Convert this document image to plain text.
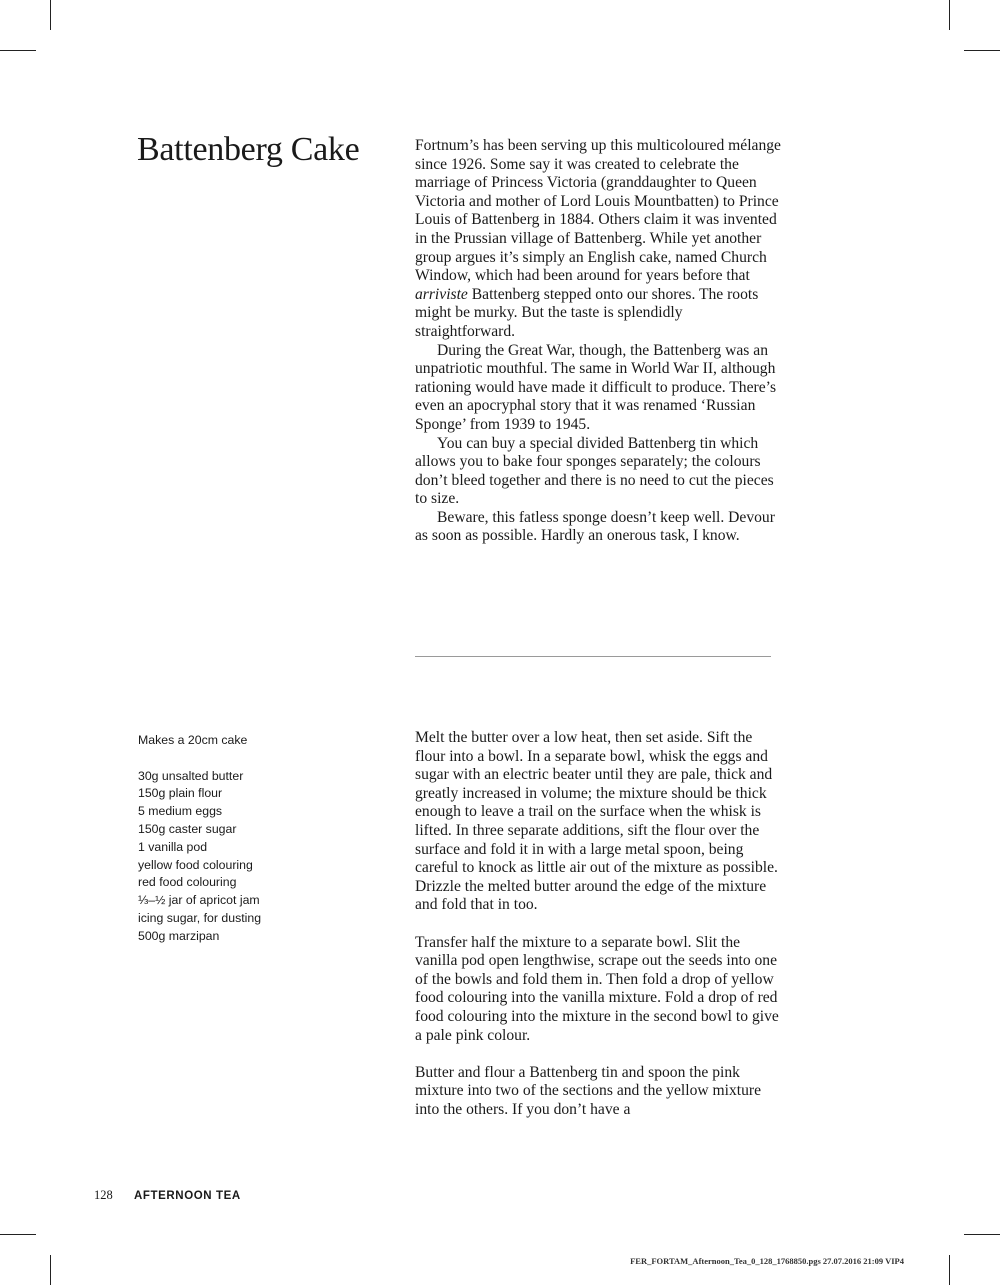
Battenberg Cake	Fortnum’s has been serving up this multicoloured mélange since 1926. Some say it was created to celebrate the marriage of Princess Victoria (granddaughter to Queen Victoria and mother of Lord Louis Mountbatten) to Prince Louis of Battenberg in 1884. Others claim it was invented in the Prussian village of Battenberg. While yet another group argues it’s simply an English cake, named Church Window, which had been around for years before that arriviste Battenberg stepped onto our shores. The roots might be murky. But the taste is splendidly straightforward.

During the Great War, though, the Battenberg was an unpatriotic mouthful. The same in World War II, although rationing would have made it difficult to produce. There’s even an apocryphal story that it was renamed ‘Russian Sponge’ from 1939 to 1945.

You can buy a special divided Battenberg tin which allows you to bake four sponges separately; the colours don’t bleed together and there is no need to cut the pieces to size.

Beware, this fatless sponge doesn’t keep well. Devour as soon as possible. Hardly an onerous task, I know.

Makes a 20cm cake

30g unsalted butter
150g plain flour
5 medium eggs
150g caster sugar
1 vanilla pod
yellow food colouring
red food colouring
⅓–½ jar of apricot jam
icing sugar, for dusting
500g marzipan

Melt the butter over a low heat, then set aside. Sift the flour into a bowl. In a separate bowl, whisk the eggs and sugar with an electric beater until they are pale, thick and greatly increased in volume; the mixture should be thick enough to leave a trail on the surface when the whisk is lifted. In three separate additions, sift the flour over the surface and fold it in with a large metal spoon, being careful to knock as little air out of the mixture as possible. Drizzle the melted butter around the edge of the mixture and fold that in too.

Transfer half the mixture to a separate bowl. Slit the vanilla pod open lengthwise, scrape out the seeds into one of the bowls and fold them in. Then fold a drop of yellow food colouring into the vanilla mixture. Fold a drop of red food colouring into the mixture in the second bowl to give a pale pink colour.

Butter and flour a Battenberg tin and spoon the pink mixture into two of the sections and the yellow mixture into the others. If you don’t have a

128 AFTERNOON TEA
FER_FORTAM_Afternoon_Tea_0_128_1768850.pgs 27.07.2016 21:09 VIP4
